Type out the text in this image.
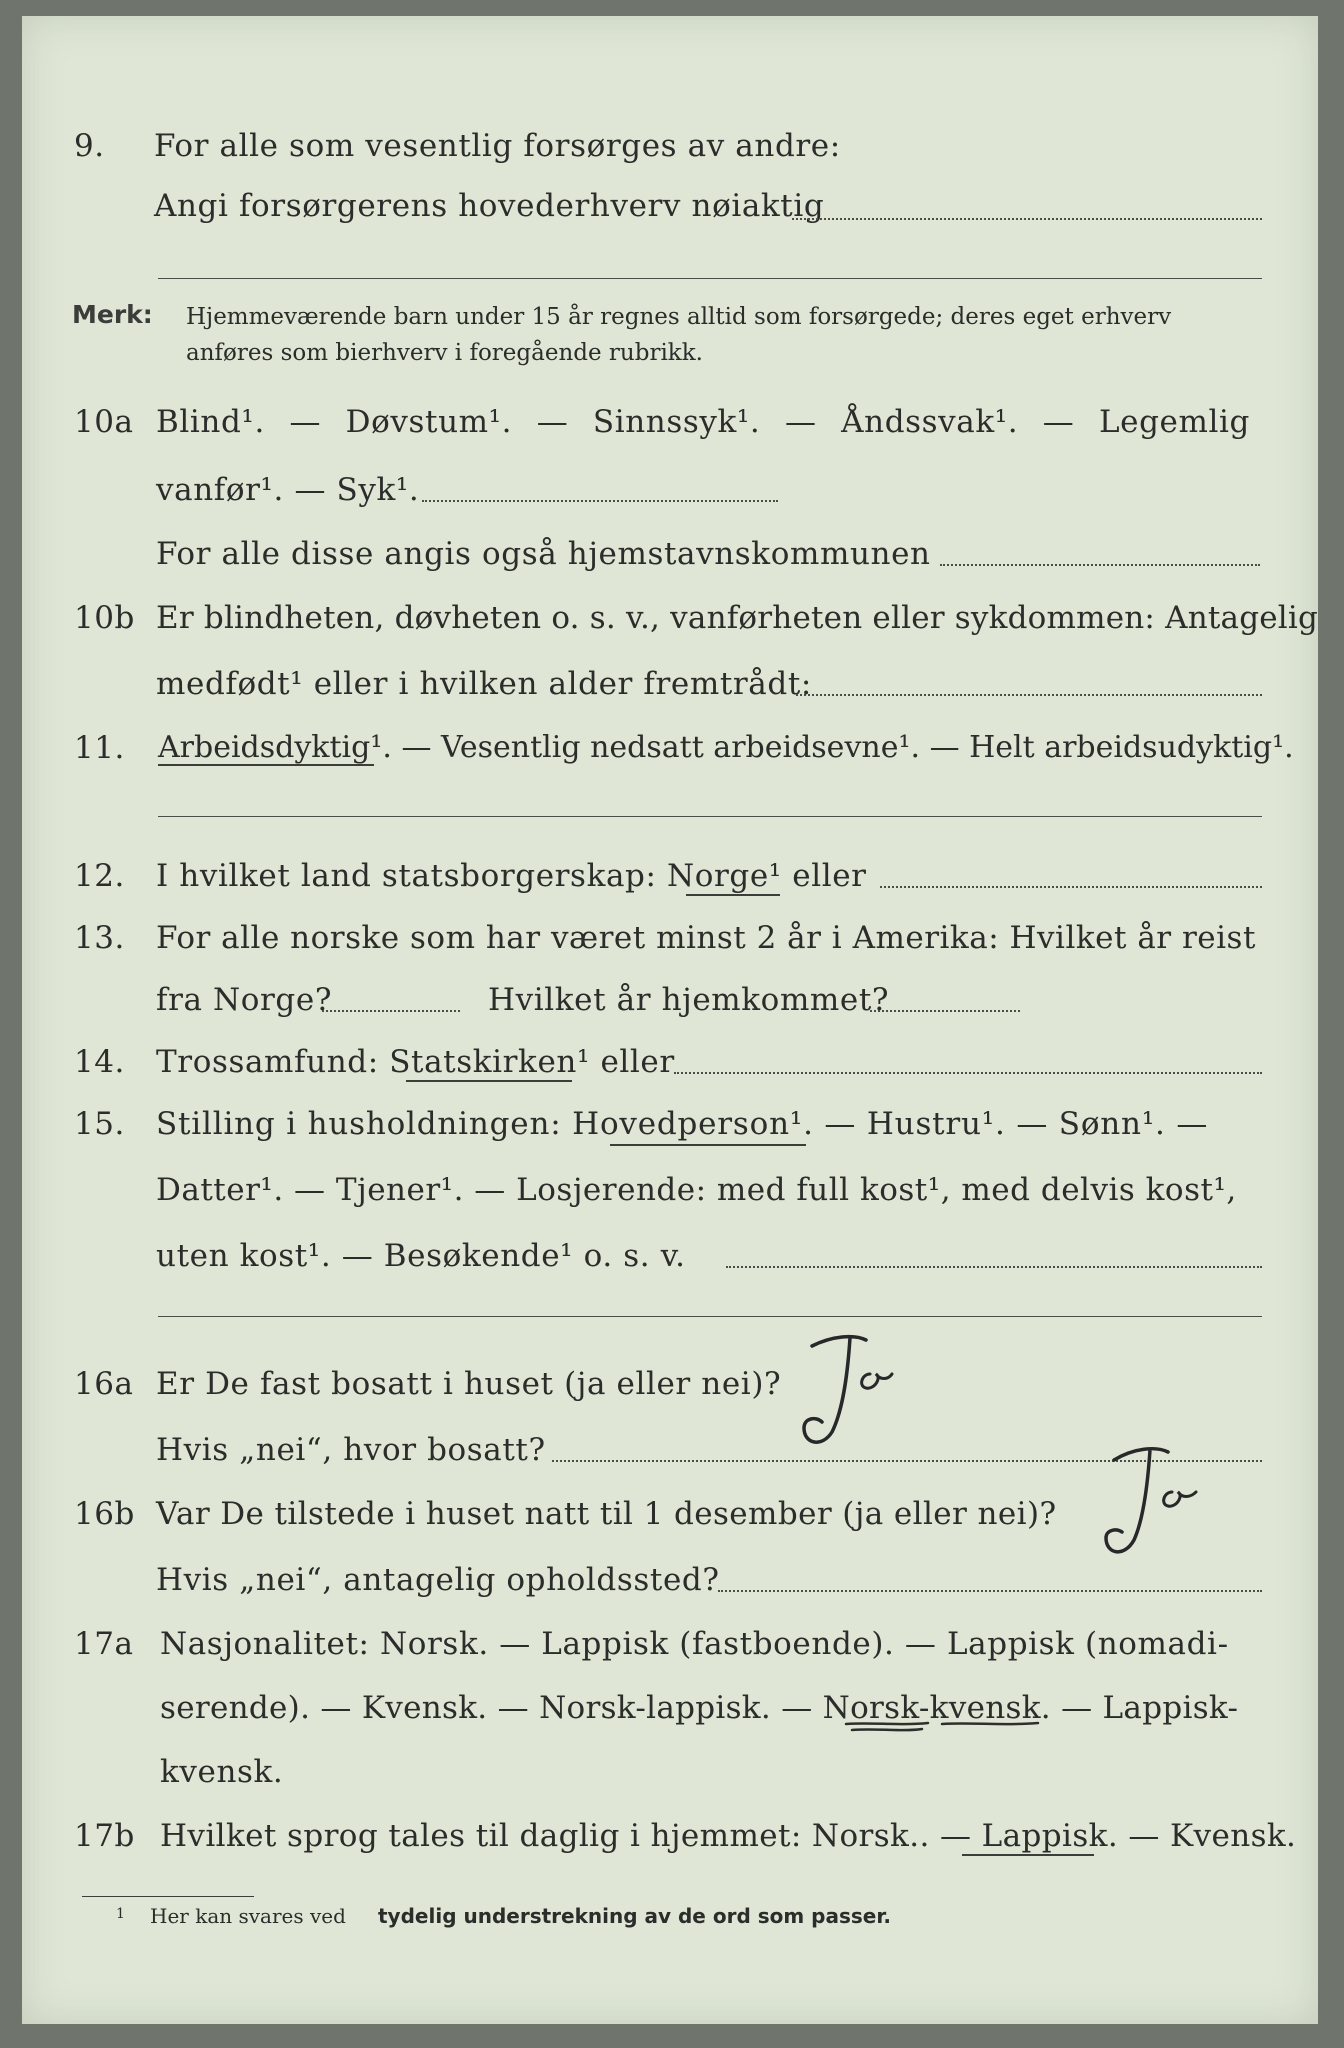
9. For alle som vesentlig forsørges av andre:
Angi forsørgerens hovederhverv nøiaktig
Merk: Hjemmeværende barn under 15 år regnes alltid som forsørgede; deres eget erhverv
anføres som bierhverv i foregående rubrikk.
10a Blind¹. — Døvstum¹. — Sinnssyk¹. — Åndssvak¹. — Legemlig
vanfør¹. — Syk¹.
For alle disse angis også hjemstavnskommunen
10b Er blindheten, døvheten o. s. v., vanførheten eller sykdommen: Antagelig
medfødt¹ eller i hvilken alder fremtrådt:
11. Arbeidsdyktig¹. — Vesentlig nedsatt arbeidsevne¹. — Helt arbeidsudyktig¹.
12. I hvilket land statsborgerskap: Norge¹ eller
13. For alle norske som har været minst 2 år i Amerika: Hvilket år reist
fra Norge?	Hvilket år hjemkommet?
14. Trossamfund: Statskirken¹ eller
15. Stilling i husholdningen: Hovedperson¹. — Hustru¹. — Sønn¹. —
Datter¹. — Tjener¹. — Losjerende: med full kost¹, med delvis kost¹,
uten kost¹. — Besøkende¹ o. s. v.
16a Er De fast bosatt i huset (ja eller nei)?
Hvis „nei“, hvor bosatt?
16b Var De tilstede i huset natt til 1 desember (ja eller nei)?
Hvis „nei“, antagelig opholdssted?
17a Nasjonalitet: Norsk. — Lappisk (fastboende). — Lappisk (nomadi-
serende). — Kvensk. — Norsk-lappisk. — Norsk-kvensk. — Lappisk-
kvensk.
17b Hvilket sprog tales til daglig i hjemmet: Norsk.. — Lappisk. — Kvensk.
1 Her kan svares ved tydelig understrekning av de ord som passer.
